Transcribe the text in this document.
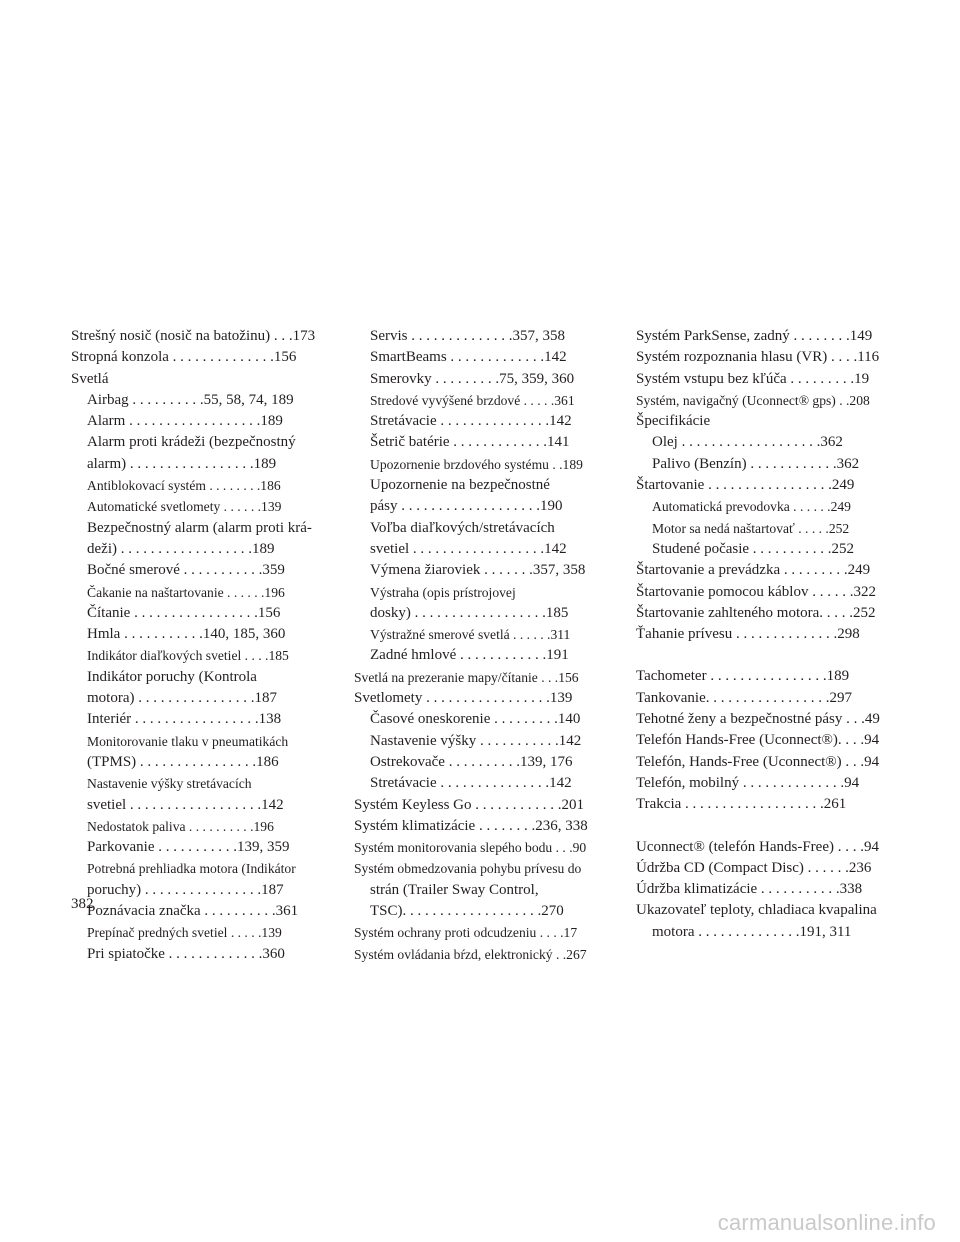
Strešný nosič (nosič na batožinu) . . .173
Stropná konzola . . . . . . . . . . . . . .156
Svetlá
Airbag . . . . . . . . . .55, 58, 74, 189
Alarm . . . . . . . . . . . . . . . . . .189
Alarm proti krádeži (bezpečnostný
alarm) . . . . . . . . . . . . . . . . .189
Antiblokovací systém . . . . . . . .186
Automatické svetlomety . . . . . .139
Bezpečnostný alarm (alarm proti krá-
deži) . . . . . . . . . . . . . . . . . .189
Bočné smerové . . . . . . . . . . .359
Čakanie na naštartovanie . . . . . .196
Čítanie . . . . . . . . . . . . . . . . .156
Hmla . . . . . . . . . . .140, 185, 360
Indikátor diaľkových svetiel . . . .185
Indikátor poruchy (Kontrola
motora) . . . . . . . . . . . . . . . .187
Interiér . . . . . . . . . . . . . . . . .138
Monitorovanie tlaku v pneumatikách
(TPMS) . . . . . . . . . . . . . . . .186
Nastavenie výšky stretávacích
svetiel . . . . . . . . . . . . . . . . . .142
Nedostatok paliva . . . . . . . . . .196
Parkovanie . . . . . . . . . . .139, 359
Potrebná prehliadka motora (Indikátor
poruchy) . . . . . . . . . . . . . . . .187
Poznávacia značka . . . . . . . . . .361
Prepínač predných svetiel . . . . .139
Pri spiatočke . . . . . . . . . . . . .360
Servis . . . . . . . . . . . . . .357, 358
SmartBeams . . . . . . . . . . . . .142
Smerovky . . . . . . . . .75, 359, 360
Stredové vyvýšené brzdové . . . . .361
Stretávacie . . . . . . . . . . . . . . .142
Šetrič batérie . . . . . . . . . . . . .141
Upozornenie brzdového systému . .189
Upozornenie na bezpečnostné
pásy . . . . . . . . . . . . . . . . . . .190
Voľba diaľkových/stretávacích
svetiel . . . . . . . . . . . . . . . . . .142
Výmena žiaroviek . . . . . . .357, 358
Výstraha (opis prístrojovej
dosky) . . . . . . . . . . . . . . . . . .185
Výstražné smerové svetlá . . . . . .311
Zadné hmlové . . . . . . . . . . . .191
Svetlá na prezeranie mapy/čítanie . . .156
Svetlomety . . . . . . . . . . . . . . . . .139
Časové oneskorenie . . . . . . . . .140
Nastavenie výšky . . . . . . . . . . .142
Ostrekovače . . . . . . . . . .139, 176
Stretávacie . . . . . . . . . . . . . . .142
Systém Keyless Go . . . . . . . . . . . .201
Systém klimatizácie . . . . . . . .236, 338
Systém monitorovania slepého bodu . . .90
Systém obmedzovania pohybu prívesu do
strán (Trailer Sway Control,
TSC). . . . . . . . . . . . . . . . . . .270
Systém ochrany proti odcudzeniu . . . .17
Systém ovládania bŕzd, elektronický . .267
Systém ParkSense, zadný . . . . . . . .149
Systém rozpoznania hlasu (VR) . . . .116
Systém vstupu bez kľúča . . . . . . . . .19
Systém, navigačný (Uconnect® gps) . .208
Špecifikácie
Olej . . . . . . . . . . . . . . . . . . .362
Palivo (Benzín) . . . . . . . . . . . .362
Štartovanie . . . . . . . . . . . . . . . . .249
Automatická prevodovka . . . . . .249
Motor sa nedá naštartovať . . . . .252
Studené počasie . . . . . . . . . . .252
Štartovanie a prevádzka . . . . . . . . .249
Štartovanie pomocou káblov . . . . . .322
Štartovanie zahlteného motora. . . . .252
Ťahanie prívesu . . . . . . . . . . . . . .298
Tachometer . . . . . . . . . . . . . . . .189
Tankovanie. . . . . . . . . . . . . . . . .297
Tehotné ženy a bezpečnostné pásy . . .49
Telefón Hands-Free (Uconnect®). . . .94
Telefón, Hands-Free (Uconnect®) . . .94
Telefón, mobilný . . . . . . . . . . . . . .94
Trakcia . . . . . . . . . . . . . . . . . . .261
Uconnect® (telefón Hands-Free) . . . .94
Údržba CD (Compact Disc) . . . . . .236
Údržba klimatizácie . . . . . . . . . . .338
Ukazovateľ teploty, chladiaca kvapalina
motora . . . . . . . . . . . . . .191, 311
382
carmanualsonline.info
